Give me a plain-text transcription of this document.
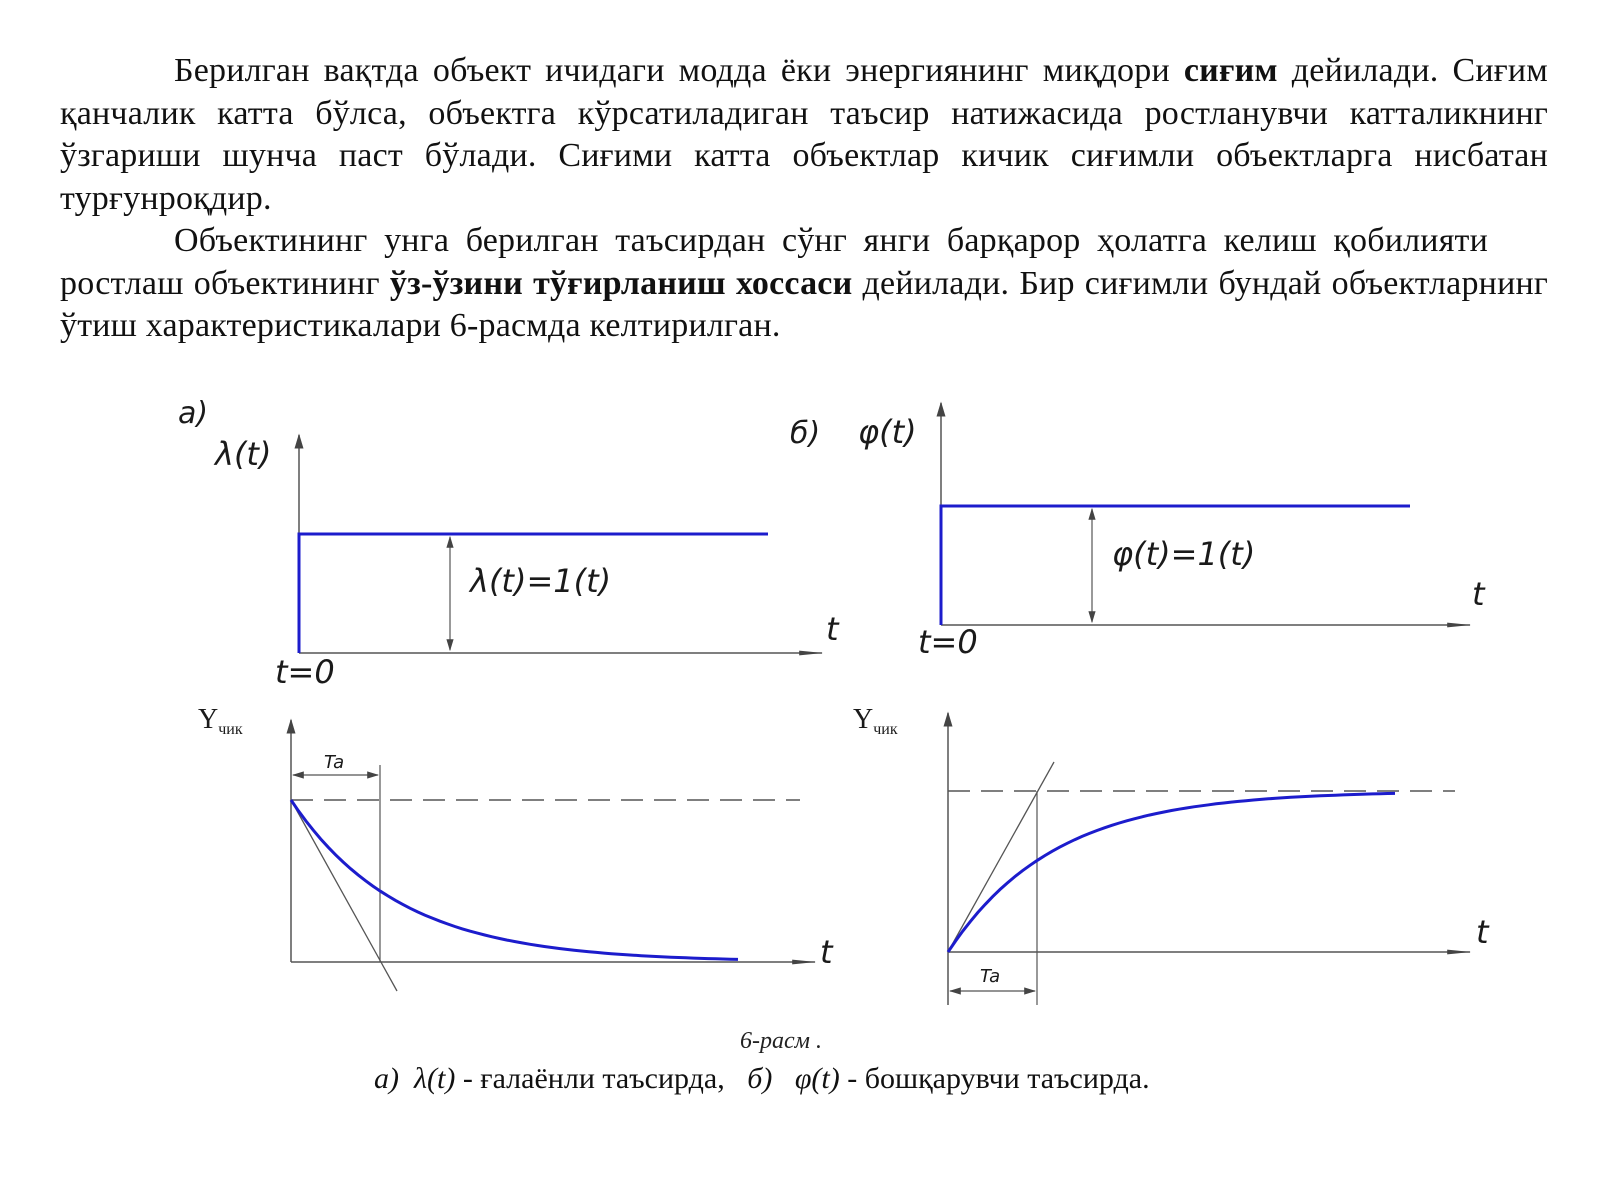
Берилган вақтда объект ичидаги модда ёки энергиянинг миқдори сиғим дейилади. Сиғим қанчалик катта бўлса, объектга кўрсатиладиган таъсир натижасида ростланувчи катталикнинг ўзгариши шунча паст бўлади. Сиғими катта объектлар кичик сиғимли объектларга нисбатан турғунроқдир.

Объектининг унга берилган таъсирдан сўнг янги барқарор ҳолатга келиш қобилиятиростлаш объектининг ўз-ўзини тўғирланиш хоссаси дейилади. Бир сиғимли бундай объектларнинг ўтиш характеристикалари 6-расмда келтирилган.

a)
λ(t)
λ(t)=1(t)
t
t=0
б) φ(t)
φ(t)=1(t)
t
t=0
$Y_{чик}$
Ta
t
$Y_{чик}$
Ta
t
6-расм .
а) λ(t) - ғалаёнли таъсирда, б) φ(t) - бошқарувчи таъсирда.
